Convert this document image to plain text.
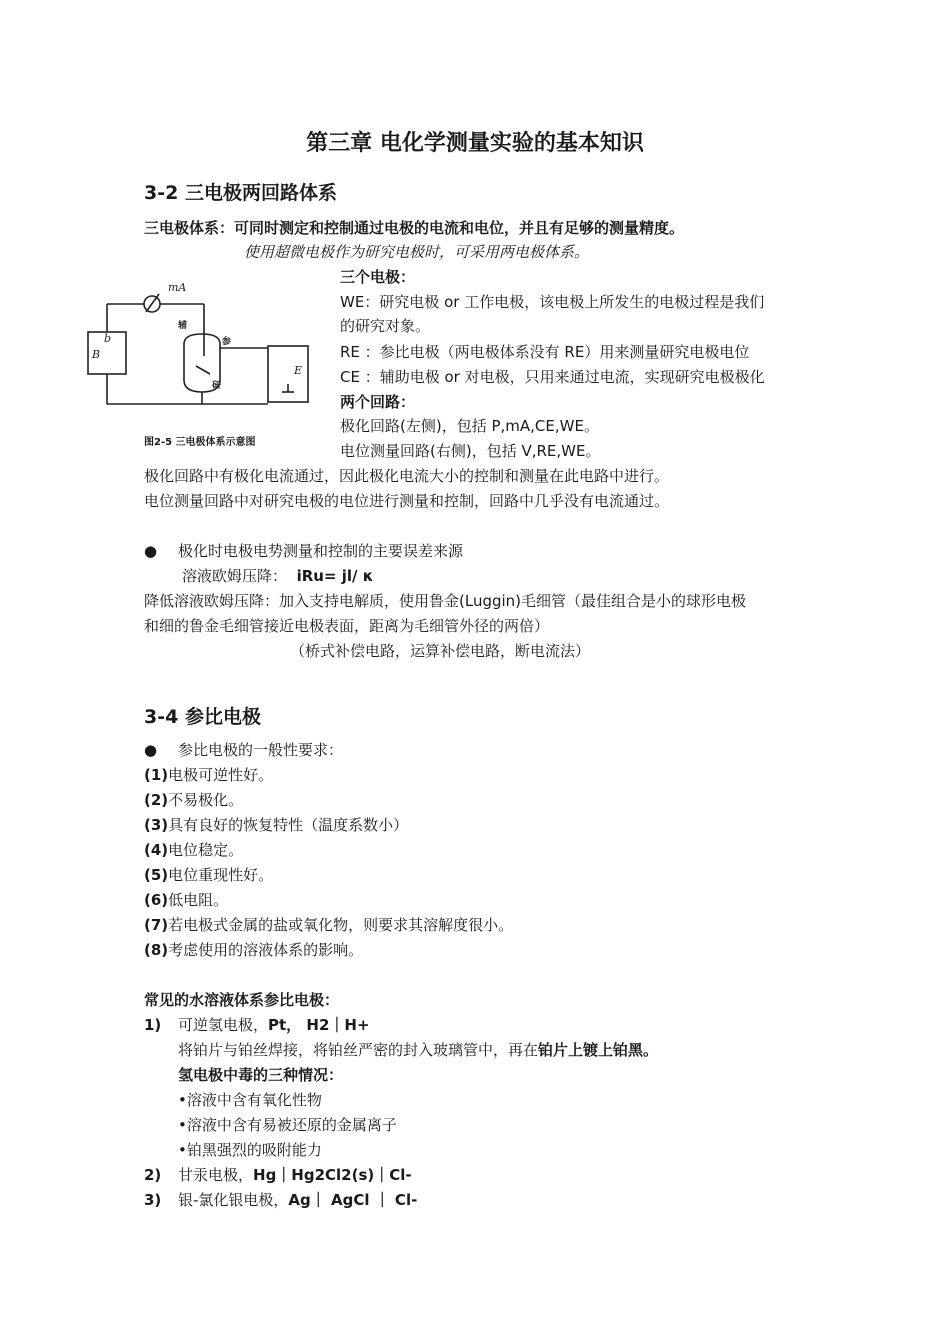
第三章 电化学测量实验的基本知识
3-2 三电极两回路体系
三电极体系：可同时测定和控制通过电极的电流和电位，并且有足够的测量精度。
使用超微电极作为研究电极时，可采用两电极体系。
mA
b
B
E
辅
参
研
图2-5 三电极体系示意图
三个电极：
WE：研究电极 or 工作电极，该电极上所发生的电极过程是我们
的研究对象。
RE ：参比电极（两电极体系没有 RE）用来测量研究电极电位
CE ：辅助电极 or 对电极，只用来通过电流，实现研究电极极化
两个回路：
极化回路(左侧)，包括 P,mA,CE,WE。
电位测量回路(右侧)，包括 V,RE,WE。
极化回路中有极化电流通过，因此极化电流大小的控制和测量在此电路中进行。
电位测量回路中对研究电极的电位进行测量和控制，回路中几乎没有电流通过。
● 极化时电极电势测量和控制的主要误差来源
溶液欧姆压降： iRu= jl/ κ
降低溶液欧姆压降：加入支持电解质，使用鲁金(Luggin)毛细管（最佳组合是小的球形电极
和细的鲁金毛细管接近电极表面，距离为毛细管外径的两倍）
（桥式补偿电路，运算补偿电路，断电流法）
3-4 参比电极
● 参比电极的一般性要求：
(1)电极可逆性好。
(2)不易极化。
(3)具有良好的恢复特性（温度系数小）
(4)电位稳定。
(5)电位重现性好。
(6)低电阻。
(7)若电极式金属的盐或氧化物，则要求其溶解度很小。
(8)考虑使用的溶液体系的影响。
常见的水溶液体系参比电极：
1) 可逆氢电极，Pt， H2｜H+
将铂片与铂丝焊接，将铂丝严密的封入玻璃管中，再在铂片上镀上铂黑。
氢电极中毒的三种情况：
•溶液中含有氧化性物
•溶液中含有易被还原的金属离子
•铂黑强烈的吸附能力
2) 甘汞电极，Hg｜Hg2Cl2(s)｜Cl-
3) 银-氯化银电极，Ag｜ AgCl ｜ Cl-
